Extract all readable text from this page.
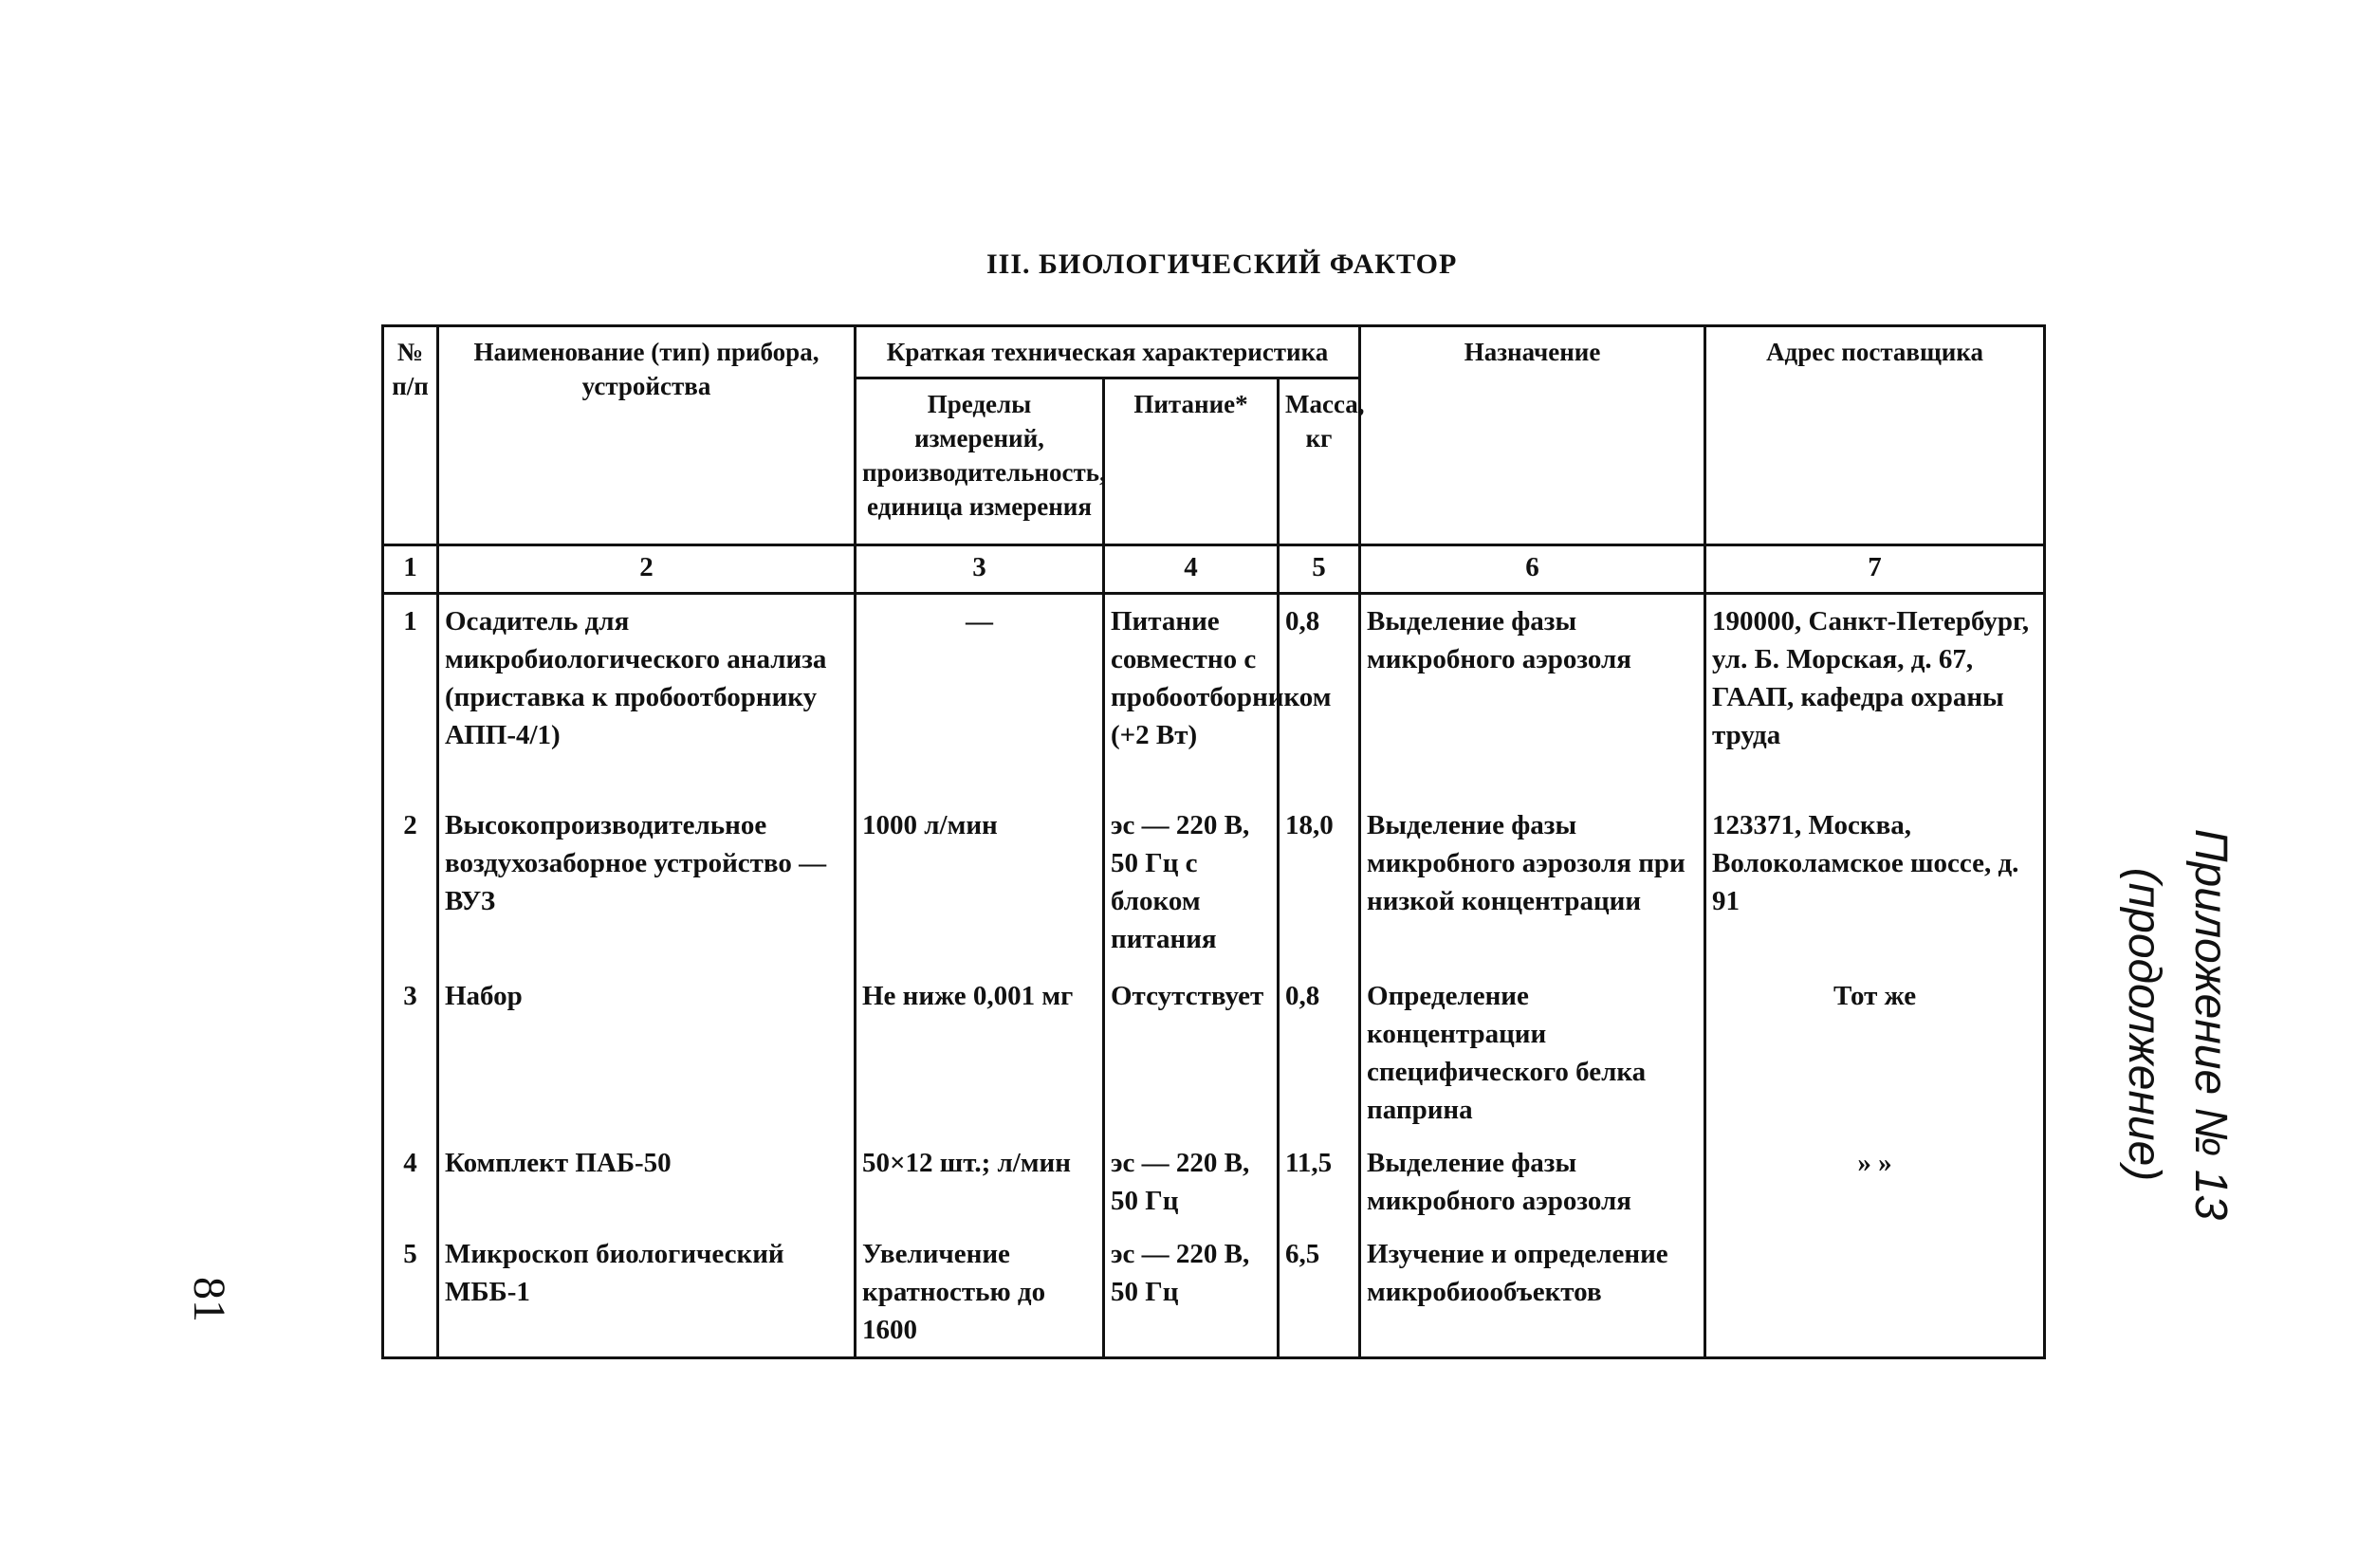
III. БИОЛОГИЧЕСКИЙ ФАКТОР
№ п/п	Наименование (тип) прибора, устройства	Краткая техническая характеристика			Назначение	Адрес поставщика
		Пределы измерений, производительность, единица измерения	Питание*	Масса, кг		
1	2	3	4	5	6	7
1	Осадитель для микробиологического анализа (приставка к пробоотборнику АПП-4/1)	—	Питание совместно с пробоотборником (+2 Вт)	0,8	Выделение фазы микробного аэрозоля	190000, Санкт-Петербург, ул. Б. Морская, д. 67, ГААП, кафедра охраны труда
2	Высокопроизводительное воздухозаборное устройство — ВУЗ	1000 л/мин	эс — 220 В, 50 Гц с блоком питания	18,0	Выделение фазы микробного аэрозоля при низкой концентрации	123371, Москва, Волоколамское шоссе, д. 91
3	Набор	Не ниже 0,001 мг	Отсутствует	0,8	Определение концентрации специфического белка паприна	Тот же
4	Комплект ПАБ-50	50×12 шт.; л/мин	эс — 220 В, 50 Гц	11,5	Выделение фазы микробного аэрозоля	» »
5	Микроскоп биологический МББ-1	Увеличение кратностью до 1600	эс — 220 В, 50 Гц	6,5	Изучение и определение микробиообъектов	
81
Приложение № 13
(продолжение)
